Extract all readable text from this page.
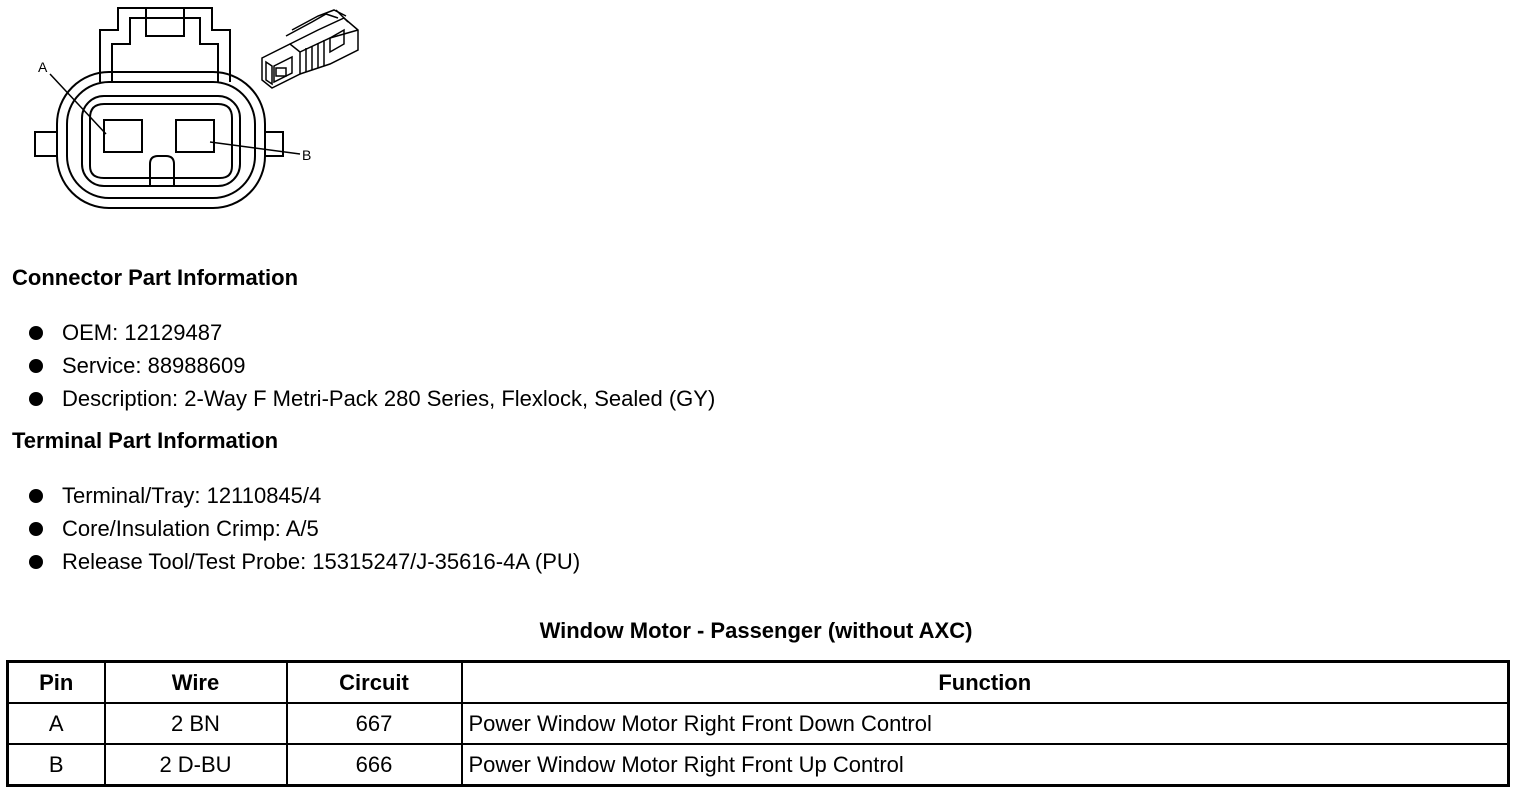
A
B
Connector Part Information
OEM: 12129487
Service: 88988609
Description: 2-Way F Metri-Pack 280 Series, Flexlock, Sealed (GY)
Terminal Part Information
Terminal/Tray: 12110845/4
Core/Insulation Crimp: A/5
Release Tool/Test Probe: 15315247/J-35616-4A (PU)
Window Motor - Passenger (without AXC)
Pin	Wire	Circuit	Function
A	2 BN	667	Power Window Motor Right Front Down Control
B	2 D-BU	666	Power Window Motor Right Front Up Control
